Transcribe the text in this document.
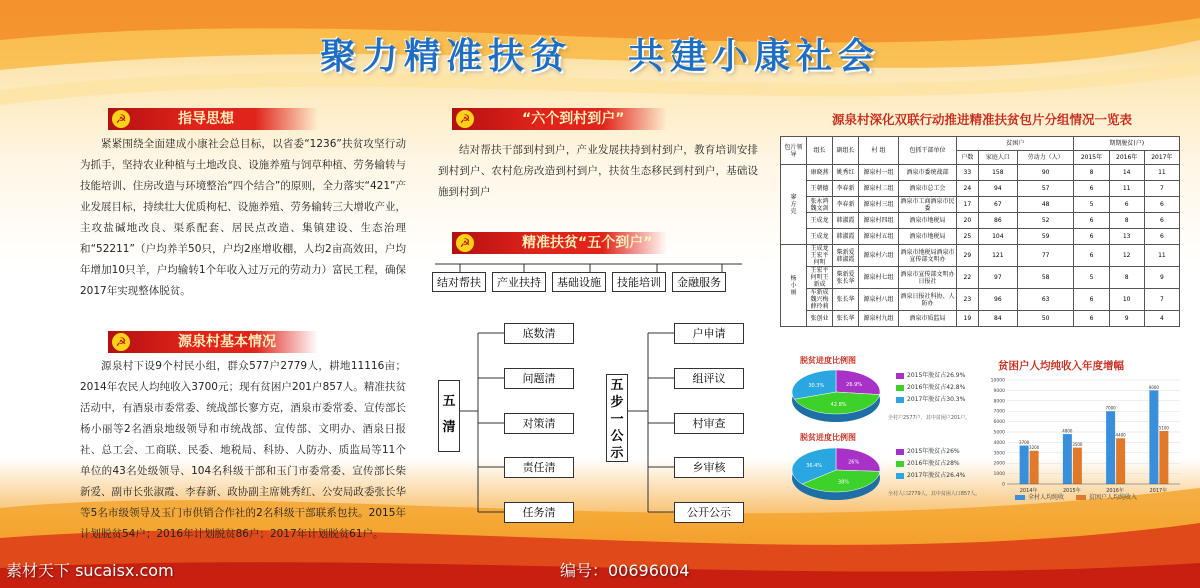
聚力精准扶贫 共建小康社会
☭	指导思想
紧紧围绕全面建成小康社会总目标，以省委“1236”扶贫攻坚行动为抓手，坚持农业种植与土地改良、设施养殖与饲草种植、劳务输转与技能培训、住房改造与环境整治“四个结合”的原则，全力落实“421”产业发展目标，持续壮大优质枸杞、设施养殖、劳务输转三大增收产业，主攻盐碱地改良、渠系配套、居民点改造、集镇建设、生态治理和“52211”（户均养羊50只，户均2座增收棚，人均2亩高效田，户均年增加10只羊，户均输转1个年收入过万元的劳动力）富民工程，确保2017年实现整体脱贫。
☭	源泉村基本情况
源泉村下设9个村民小组，群众577户2779人，耕地11116亩；2014年农民人均纯收入3700元；现有贫困户201户857人。精准扶贫活动中，有酒泉市委常委、统战部长寥方克，酒泉市委常委、宣传部长杨小丽等2名酒泉地级领导和市统战部、宣传部、文明办、酒泉日报社、总工会、工商联、民委、地税局、科协、人防办、质监局等11个单位的43名处级领导、104名科级干部和玉门市委常委、宣传部长柴新爱、副市长张淑霞、李春新、政协副主席姚秀红、公安局政委张长华等5名市级领导及玉门市供销合作社的2名科级干部联系包扶。2015年计划脱贫54户；2016年计划脱贫86户；2017年计划脱贫61户。
☭	“六个到村到户”
结对帮扶干部到村到户，产业发展扶持到村到户，教育培训安排到村到户、农村危房改造到村到户，扶贫生态移民到村到户，基础设施到村到户
☭	精准扶贫“五个到户”
结对帮扶	产业扶持	基础设施	技能培训	金融服务
五清
底数清
问题清
对策清
责任清
任务清
五步一公示
户申请
组评议
村审查
乡审核
公开公示
源泉村深化双联行动推进精准扶贫包片分组情况一览表
包片领导	组长	副组长	村 组	包抓干部单位	贫困户			期期脱贫(户)		
					户数	家庭人口	劳动力（人）	2015年	2016年	2017年
寥
方
克	康晓燕	姚秀红	源泉村一组	酒泉市委统战部	33	158	90	8	14	11
	王朝德	李春新	源泉村二组	酒泉市总工会	24	94	57	6	11	7
	张永鸿魏文剑	李春新	源泉村三组	酒泉市工商酒泉市民委	17	67	48	5	6	6
	王成龙	韩淑霞	源泉村四组	酒泉市地税局	20	86	52	6	8	6
	王成龙	韩淑霞	源泉村五组	酒泉市地税局	25	104	59	6	13	6
杨
小
丽	王成龙王宏平何明	柴新爱韩淑霞	源泉村六组	酒泉市地税局酒泉市宣传部文明办	29	121	77	6	12	11
	王宏平何明王新成	柴新爱张长华	源泉村七组	酒泉市宣传部文明办日报社	22	97	58	5	8	9
	车新成魏兴梅薛玲莉	张长华	源泉村八组	酒泉日报社科协、人防办	23	96	63	6	10	7
	张创业	张长华	源泉村九组	酒泉市质监局	19	84	50	6	9	4
脱贫进度比例图
26.9%
42.8%
30.3%
2015年脱贫占26.9%
2016年脱贫占42.8%
2017年脱贫占30.3%
全村户2577户，其中贫困户201户。
脱贫进度比例图
26%
38%
36.4%
2015年脱贫占26%
2016年脱贫占28%
2017年脱贫占26.4%
全村人口2779人，其中贫困人口857人。
贫困户人均纯收入年度增幅
0
1000
2000
3000
4000
5000
6000
7000
8000
9000
10000
3700
3200
2014年
4800
3500
2015年
7000
4400
2016年
9000
5100
2017年
全村人均纯收	贫困户人均纯收入
素材天下 sucaisx.com	编号：00696004
